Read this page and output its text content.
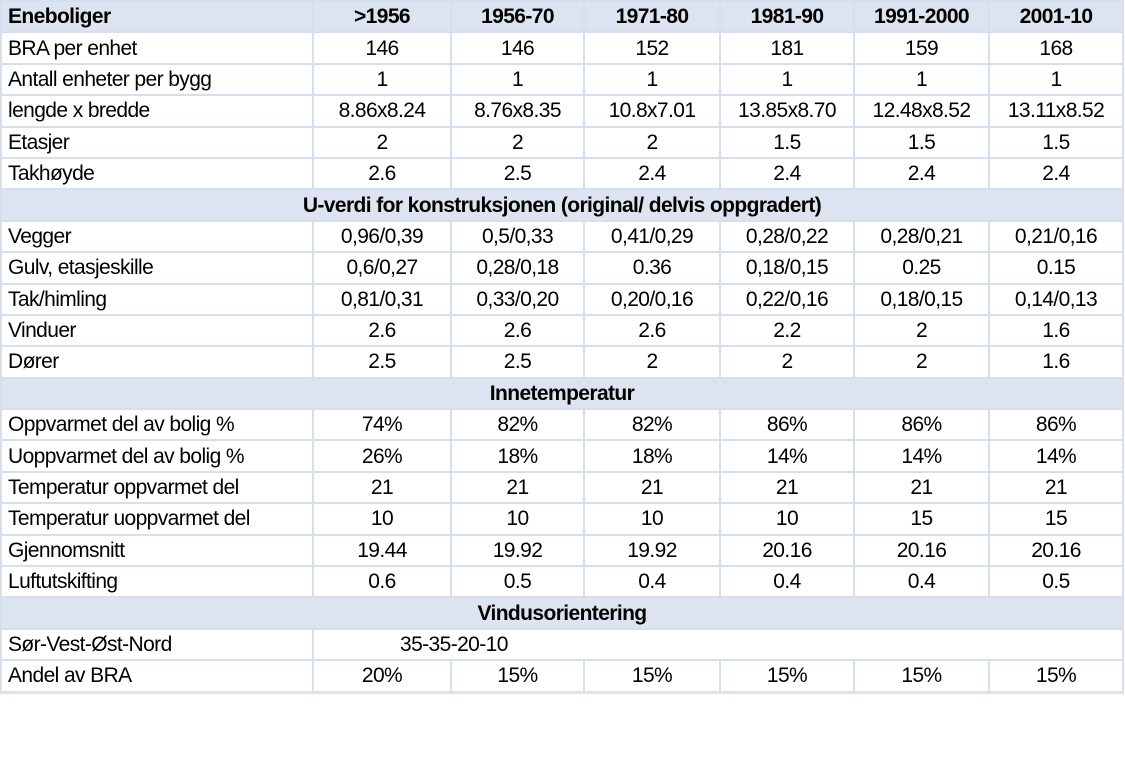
Eneboliger	>1956	1956-70	1971-80	1981-90	1991-2000	2001-10
BRA per enhet	146	146	152	181	159	168
Antall enheter per bygg	1	1	1	1	1	1
lengde x bredde	8.86x8.24	8.76x8.35	10.8x7.01	13.85x8.70	12.48x8.52	13.11x8.52
Etasjer	2	2	2	1.5	1.5	1.5
Takhøyde	2.6	2.5	2.4	2.4	2.4	2.4
U-verdi for konstruksjonen (original/ delvis oppgradert)						
Vegger	0,96/0,39	0,5/0,33	0,41/0,29	0,28/0,22	0,28/0,21	0,21/0,16
Gulv, etasjeskille	0,6/0,27	0,28/0,18	0.36	0,18/0,15	0.25	0.15
Tak/himling	0,81/0,31	0,33/0,20	0,20/0,16	0,22/0,16	0,18/0,15	0,14/0,13
Vinduer	2.6	2.6	2.6	2.2	2	1.6
Dører	2.5	2.5	2	2	2	1.6
Innetemperatur						
Oppvarmet del av bolig %	74%	82%	82%	86%	86%	86%
Uoppvarmet del av bolig %	26%	18%	18%	14%	14%	14%
Temperatur oppvarmet del	21	21	21	21	21	21
Temperatur uoppvarmet del	10	10	10	10	15	15
Gjennomsnitt	19.44	19.92	19.92	20.16	20.16	20.16
Luftutskifting	0.6	0.5	0.4	0.4	0.4	0.5
Vindusorientering						
Sør-Vest-Øst-Nord	35-35-20-10					
Andel av BRA	20%	15%	15%	15%	15%	15%
